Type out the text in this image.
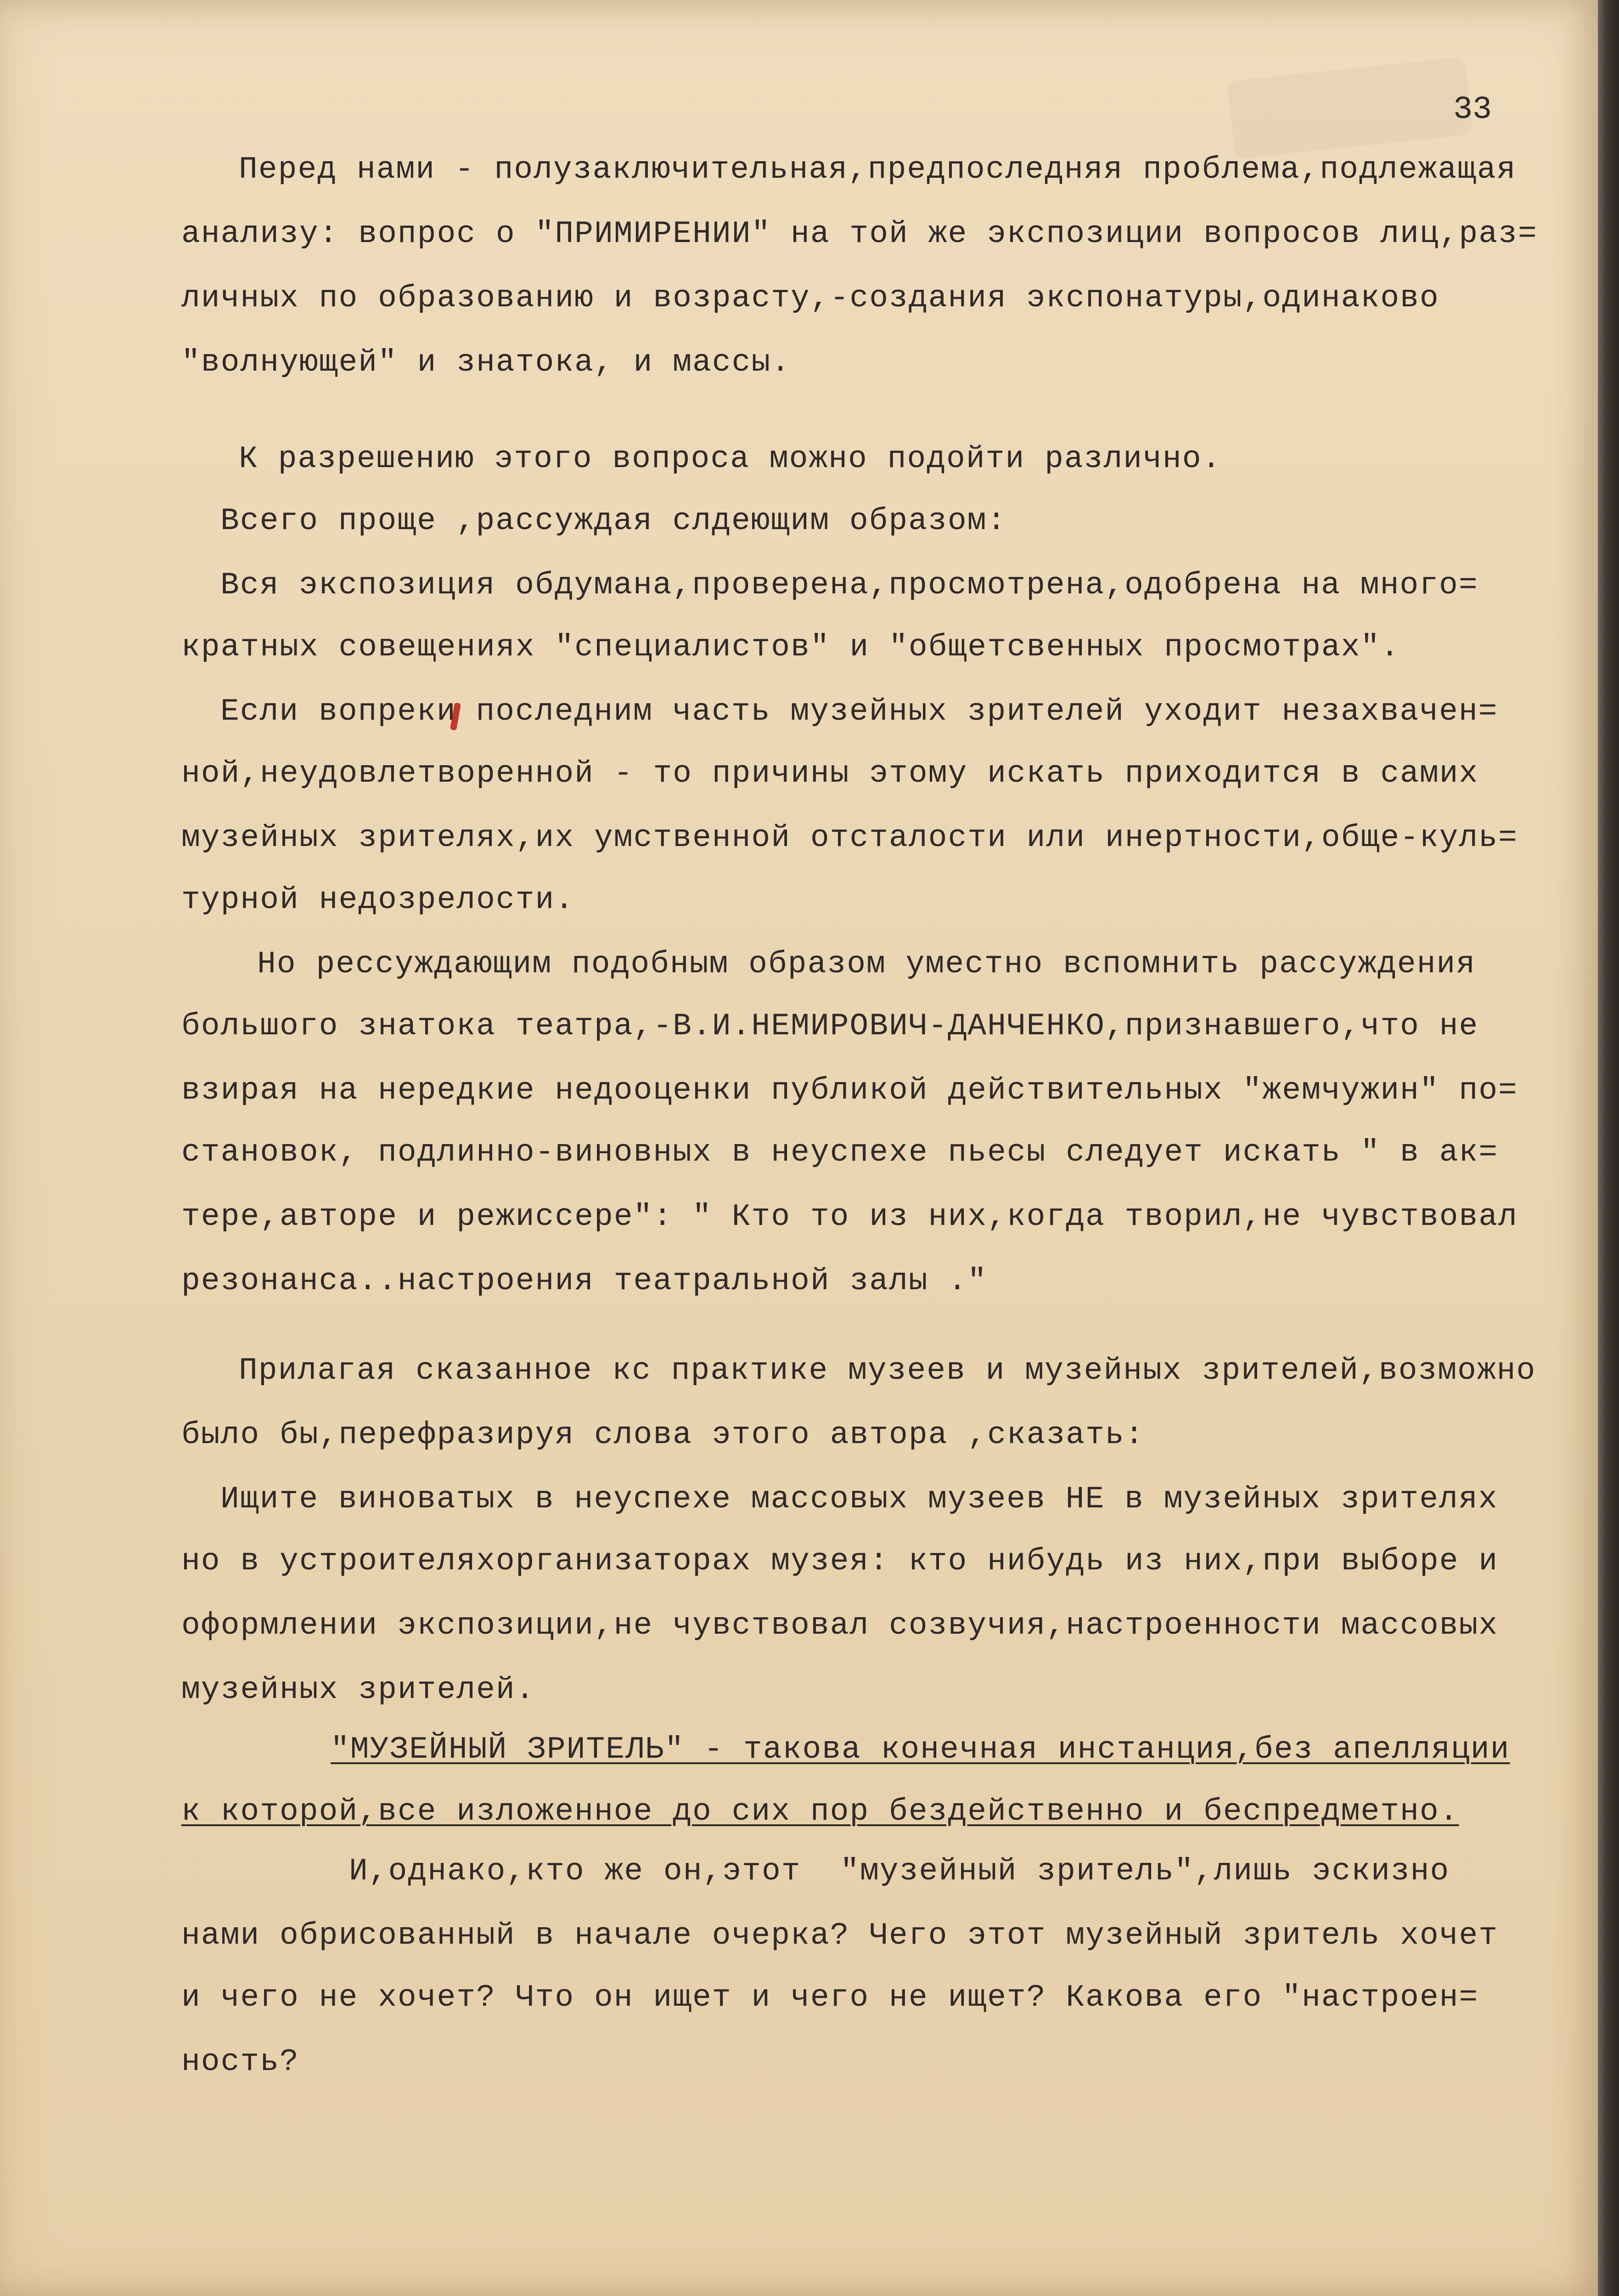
33

Перед нами - полузаключительная,предпоследняя проблема,подлежащая

анализу: вопрос о "ПРИМИРЕНИИ" на той же экспозиции вопросов лиц,раз=

личных по образованию и возрасту,-создания экспонатуры,одинаково

"волнующей" и знатока, и массы.

К разрешению этого вопроса можно подойти различно.

Всего проще ,рассуждая слдеющим образом:

Вся экспозиция обдумана,проверена,просмотрена,одобрена на много=

кратных совещениях "специалистов" и "общетсвенных просмотрах".

Если вопреки последним часть музейных зрителей уходит незахвачен=

ной,неудовлетворенной - то причины этому искать приходится в самих

музейных зрителях,их умственной отсталости или инертности,обще-куль=

турной недозрелости.

Но рессуждающим подобным образом уместно вспомнить рассуждения

большого знатока театра,-В.И.НЕМИРОВИЧ-ДАНЧЕНКО,признавшего,что не

взирая на нередкие недооценки публикой действительных "жемчужин" по=

становок, подлинно-виновных в неуспехе пьесы следует искать " в ак=

тере,авторе и режиссере": " Кто то из них,когда творил,не чувствовал

резонанса..настроения театральной залы ."

Прилагая сказанное кс практике музеев и музейных зрителей,возможно

было бы,перефразируя слова этого автора ,сказать:

Ищите виноватых в неуспехе массовых музеев НЕ в музейных зрителях

но в устроителяхорганизаторах музея: кто нибудь из них,при выборе и

оформлении экспозиции,не чувствовал созвучия,настроенности массовых

музейных зрителей.

"МУЗЕЙНЫЙ ЗРИТЕЛЬ" - такова конечная инстанция,без апелляции

к которой,все изложенное до сих пор бездейственно и беспредметно.

И,однако,кто же он,этот  "музейный зритель",лишь эскизно

нами обрисованный в начале очерка? Чего этот музейный зритель хочет

и чего не хочет? Что он ищет и чего не ищет? Какова его "настроен=

ность?
